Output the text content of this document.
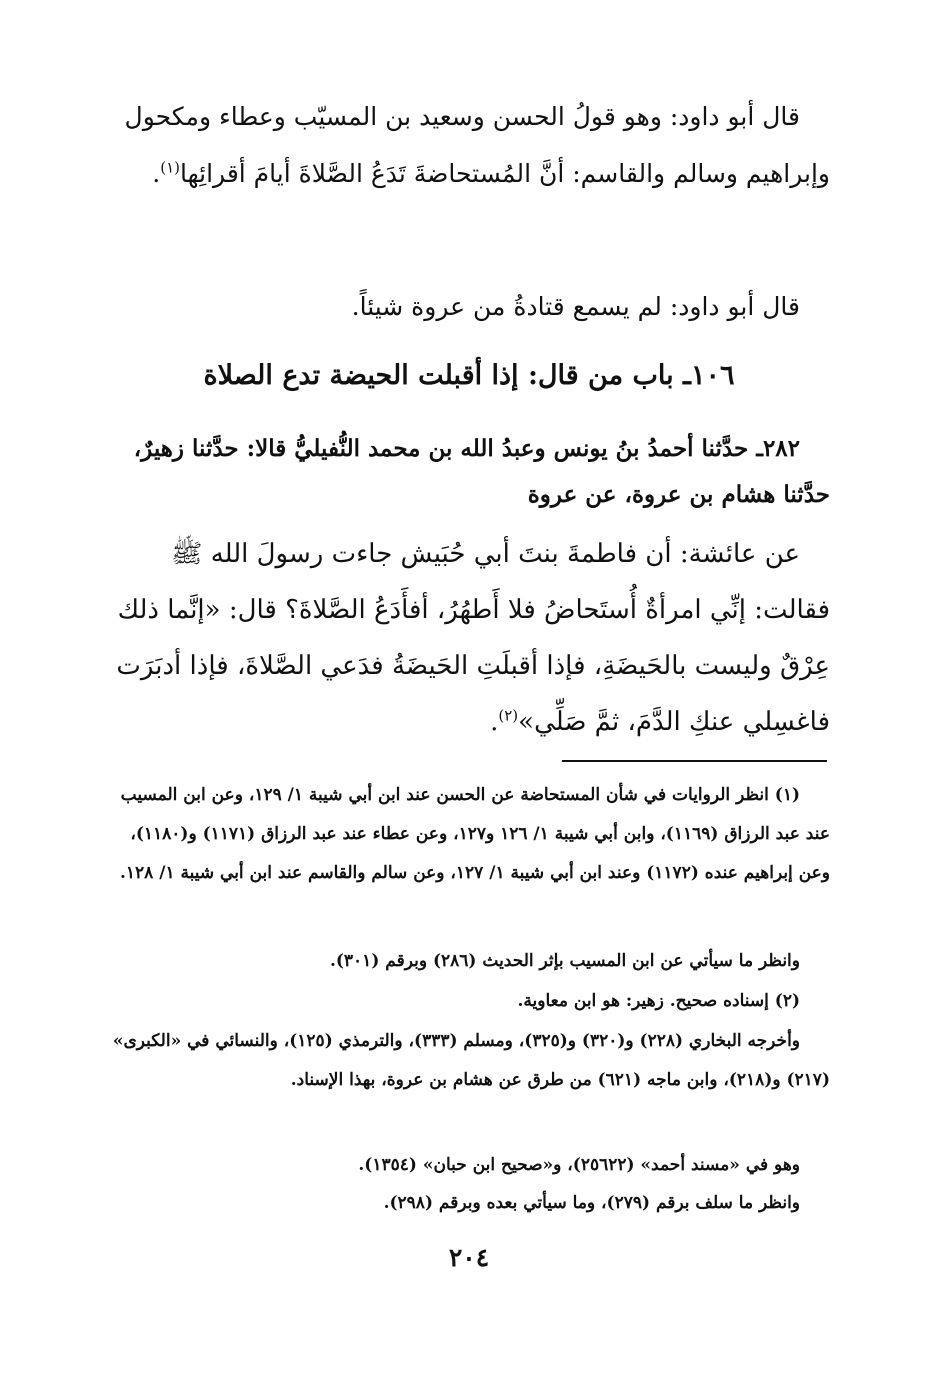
قال أبو داود: وهو قولُ الحسن وسعيد بن المسيّب وعطاء ومكحول وإبراهيم وسالم والقاسم: أنَّ المُستحاضةَ تَدَعُ الصَّلاةَ أيامَ أقرائِها$^{(١)}$.

قال أبو داود: لم يسمع قتادةُ من عروة شيئاً.

١٠٦ـ باب من قال: إذا أقبلت الحيضة تدع الصلاة

٢٨٢ـ حدَّثنا أحمدُ بنُ يونس وعبدُ الله بن محمد النُّفيليُّ قالا: حدَّثنا زهيرٌ، حدَّثنا هشام بن عروة، عن عروة

عن عائشة: أن فاطمةَ بنتَ أبي حُبَيش جاءت رسولَ الله ﷺ فقالت: إنِّي امرأةٌ أُستَحاضُ فلا أَطهُرُ، أفأَدَعُ الصَّلاةَ؟ قال: «إنَّما ذلك عِرْقٌ وليست بالحَيضَةِ، فإذا أقبلَتِ الحَيضَةُ فدَعي الصَّلاةَ، فإذا أدبَرَت فاغسِلي عنكِ الدَّمَ، ثمَّ صَلِّي»$^{(٢)}$.

(١) انظر الروايات في شأن المستحاضة عن الحسن عند ابن أبي شيبة ١/ ١٢٩، وعن ابن المسيب عند عبد الرزاق (١١٦٩)، وابن أبي شيبة ١/ ١٢٦ و١٢٧، وعن عطاء عند عبد الرزاق (١١٧١) و(١١٨٠)، وعن إبراهيم عنده (١١٧٢) وعند ابن أبي شيبة ١/ ١٢٧، وعن سالم والقاسم عند ابن أبي شيبة ١/ ١٢٨.

وانظر ما سيأتي عن ابن المسيب بإثر الحديث (٢٨٦) وبرقم (٣٠١).

(٢) إسناده صحيح. زهير: هو ابن معاوية.

وأخرجه البخاري (٢٢٨) و(٣٢٠) و(٣٢٥)، ومسلم (٣٣٣)، والترمذي (١٢٥)، والنسائي في «الكبرى» (٢١٧) و(٢١٨)، وابن ماجه (٦٢١) من طرق عن هشام بن عروة، بهذا الإسناد.

وهو في «مسند أحمد» (٢٥٦٢٢)، و«صحيح ابن حبان» (١٣٥٤).

وانظر ما سلف برقم (٢٧٩)، وما سيأتي بعده وبرقم (٢٩٨).

٢٠٤
